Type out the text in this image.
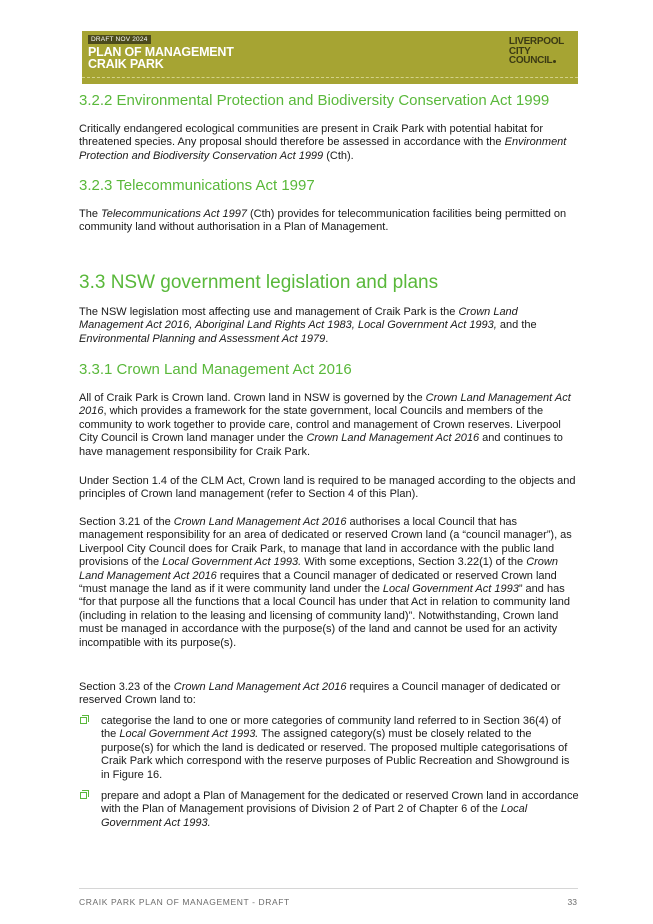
DRAFT NOV 2024
PLAN OF MANAGEMENT
CRAIK PARK
LIVERPOOL
CITY
COUNCIL
3.2.2 Environmental Protection and Biodiversity Conservation Act 1999

Critically endangered ecological communities are present in Craik Park with potential habitat for threatened species. Any proposal should therefore be assessed in accordance with the Environment Protection and Biodiversity Conservation Act 1999 (Cth).

3.2.3 Telecommunications Act 1997

The Telecommunications Act 1997 (Cth) provides for telecommunication facilities being permitted on community land without authorisation in a Plan of Management.

3.3 NSW government legislation and plans

The NSW legislation most affecting use and management of Craik Park is the Crown Land Management Act 2016, Aboriginal Land Rights Act 1983, Local Government Act 1993, and the Environmental Planning and Assessment Act 1979.

3.3.1 Crown Land Management Act 2016

All of Craik Park is Crown land. Crown land in NSW is governed by the Crown Land Management Act 2016, which provides a framework for the state government, local Councils and members of the community to work together to provide care, control and management of Crown reserves. Liverpool City Council is Crown land manager under the Crown Land Management Act 2016 and continues to have management responsibility for Craik Park.

Under Section 1.4 of the CLM Act, Crown land is required to be managed according to the objects and principles of Crown land management (refer to Section 4 of this Plan).

Section 3.21 of the Crown Land Management Act 2016 authorises a local Council that has management responsibility for an area of dedicated or reserved Crown land (a “council manager”), as Liverpool City Council does for Craik Park, to manage that land in accordance with the public land provisions of the Local Government Act 1993. With some exceptions, Section 3.22(1) of the Crown Land Management Act 2016 requires that a Council manager of dedicated or reserved Crown land “must manage the land as if it were community land under the Local Government Act 1993” and has “for that purpose all the functions that a local Council has under that Act in relation to community land (including in relation to the leasing and licensing of community land)”. Notwithstanding, Crown land must be managed in accordance with the purpose(s) of the land and cannot be used for an activity incompatible with its purpose(s).

Section 3.23 of the Crown Land Management Act 2016 requires a Council manager of dedicated or reserved Crown land to:

categorise the land to one or more categories of community land referred to in Section 36(4) of the Local Government Act 1993. The assigned category(s) must be closely related to the purpose(s) for which the land is dedicated or reserved. The proposed multiple categorisations of Craik Park which correspond with the reserve purposes of Public Recreation and Showground is in Figure 16.
prepare and adopt a Plan of Management for the dedicated or reserved Crown land in accordance with the Plan of Management provisions of Division 2 of Part 2 of Chapter 6 of the Local Government Act 1993.
CRAIK PARK PLAN OF MANAGEMENT - DRAFT	33
